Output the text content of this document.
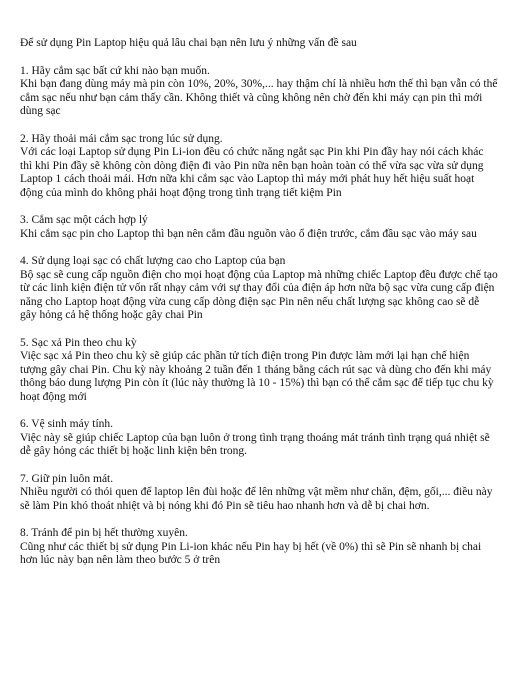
Để sử dụng Pin Laptop hiệu quả lâu chai bạn nên lưu ý những vấn đề sau

1. Hãy cắm sạc bất cứ khi nào bạn muốn.

Khi bạn đang dùng máy mà pin còn 10%, 20%, 30%,... hay thậm chí là nhiều hơn thế thì bạn vẫn có thể cắm sạc nếu như bạn cảm thấy cần. Không thiết và cũng không nên chờ đến khi máy cạn pin thì mới dùng sạc

2. Hãy thoải mái cắm sạc trong lúc sử dụng.

Với các loại Laptop sử dụng Pin Li-ion đều có chức năng ngắt sạc Pin khi Pin đầy hay nói cách khác thì khi Pin đầy sẽ không còn dòng điện đi vào Pin nữa nên bạn hoàn toàn có thể vừa sạc vừa sử dụng Laptop 1 cách thoải mái. Hơn nữa khi cắm sạc vào Laptop thì máy mới phát huy hết hiệu suất hoạt động của mình do không phải hoạt động trong tình trạng tiết kiệm Pin

3. Cắm sạc một cách hợp lý

Khi cắm sạc pin cho Laptop thì bạn nên cắm đầu nguồn vào ổ điện trước, cắm đầu sạc vào máy sau

4. Sử dụng loại sạc có chất lượng cao cho Laptop của bạn

Bộ sạc sẽ cung cấp nguồn điện cho mọi hoạt động của Laptop mà những chiếc Laptop đều được chế tạo từ các linh kiện điện tử vốn rất nhạy cảm với sự thay đổi của điện áp hơn nữa bộ sạc vừa cung cấp điện năng cho Laptop hoạt động vừa cung cấp dòng điện sạc Pin nên nếu chất lượng sạc không cao sẽ dễ gây hỏng cả hệ thống hoặc gây chai Pin

5. Sạc xả Pin theo chu kỳ

Việc sạc xả Pin theo chu kỳ sẽ giúp các phần tử tích điện trong Pin được làm mới lại hạn chế hiện tượng gây chai Pin. Chu kỳ này khoảng 2 tuần đến 1 tháng bằng cách rút sạc và dùng cho đến khi máy thông báo dung lượng Pin còn ít (lúc này thường là 10 - 15%) thì bạn có thể cắm sạc để tiếp tục chu kỳ hoạt động mới

6. Vệ sinh máy tính.

Việc này sẽ giúp chiếc Laptop của bạn luôn ở trong tình trạng thoáng mát tránh tình trạng quá nhiệt sẽ dễ gây hỏng các thiết bị hoặc linh kiện bên trong.

7. Giữ pin luôn mát.

Nhiều người có thói quen để laptop lên đùi hoặc để lên những vật mềm như chăn, đệm, gối,... điều này sẽ làm Pin khó thoát nhiệt và bị nóng khi đó Pin sẽ tiêu hao nhanh hơn và dễ bị chai hơn.

8. Tránh để pin bị hết thường xuyên.

Cũng như các thiết bị sử dụng Pin Li-ion khác nếu Pin hay bị hết (về 0%) thì sẽ Pin sẽ nhanh bị chai hơn lúc này bạn nên làm theo bước 5 ở trên
